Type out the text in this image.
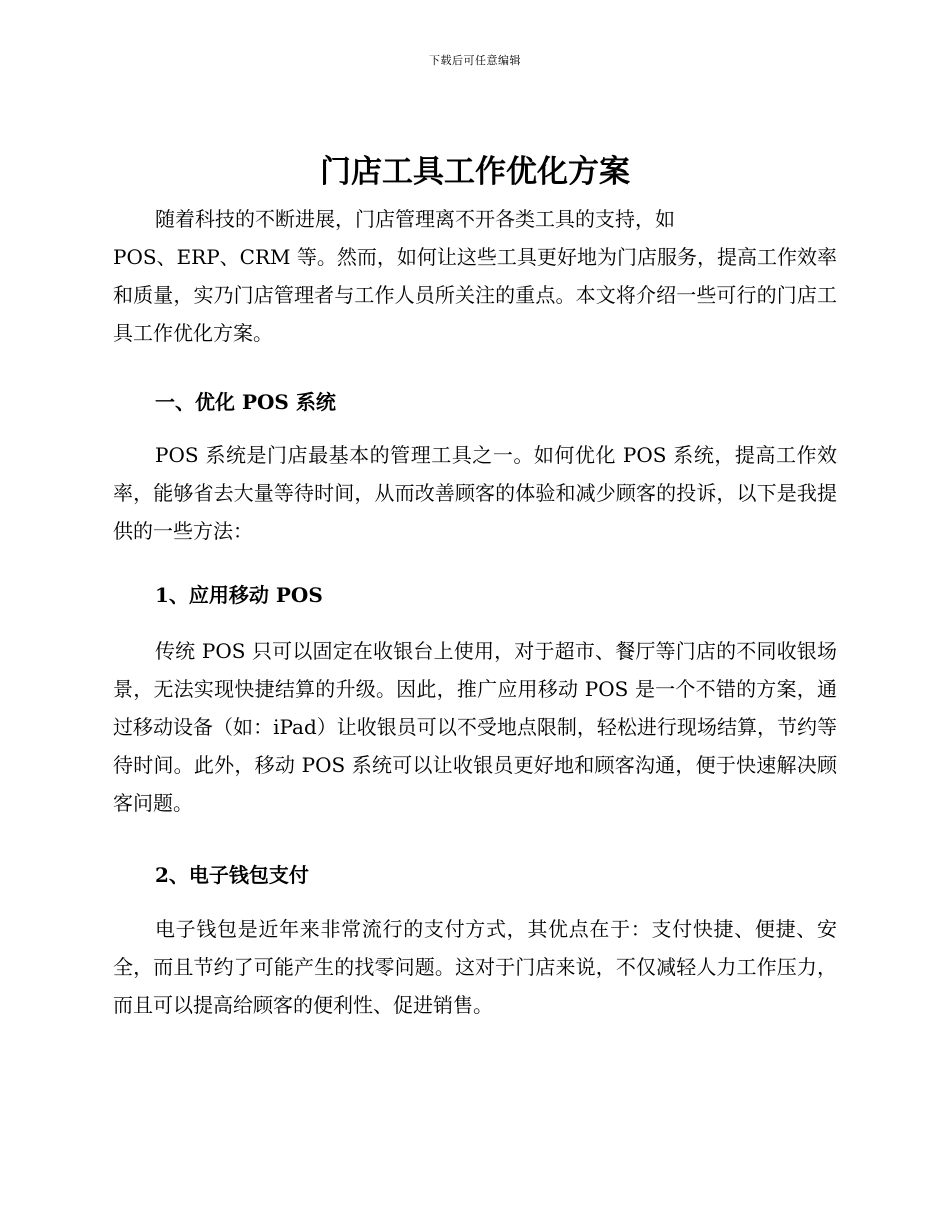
下载后可任意编辑
门店工具工作优化方案

随着科技的不断进展，门店管理离不开各类工具的支持，如

POS、ERP、CRM 等。然而，如何让这些工具更好地为门店服务，提高工作效率和质量，实乃门店管理者与工作人员所关注的重点。本文将介绍一些可行的门店工具工作优化方案。

一、优化 POS 系统

POS 系统是门店最基本的管理工具之一。如何优化 POS 系统，提高工作效率，能够省去大量等待时间，从而改善顾客的体验和减少顾客的投诉，以下是我提供的一些方法：

1、应用移动 POS

传统 POS 只可以固定在收银台上使用，对于超市、餐厅等门店的不同收银场景，无法实现快捷结算的升级。因此，推广应用移动 POS 是一个不错的方案，通过移动设备（如：iPad）让收银员可以不受地点限制，轻松进行现场结算，节约等待时间。此外，移动 POS 系统可以让收银员更好地和顾客沟通，便于快速解决顾客问题。

2、电子钱包支付

电子钱包是近年来非常流行的支付方式，其优点在于：支付快捷、便捷、安全，而且节约了可能产生的找零问题。这对于门店来说，不仅减轻人力工作压力，而且可以提高给顾客的便利性、促进销售。
